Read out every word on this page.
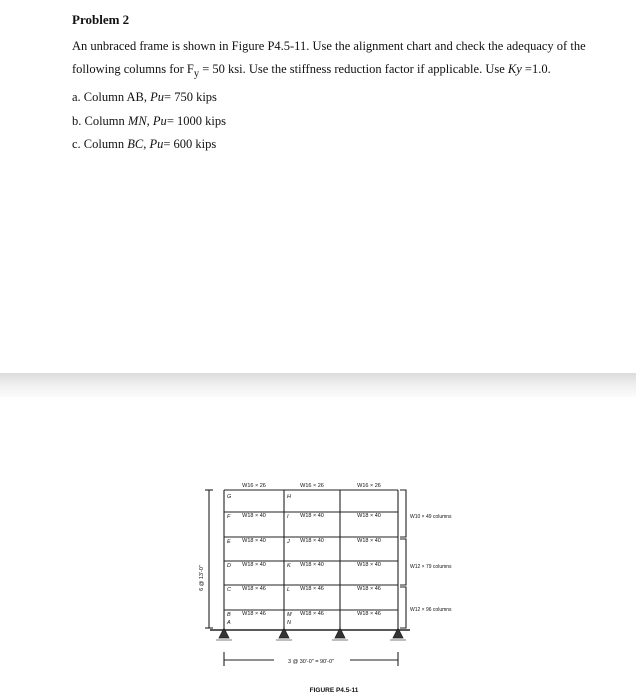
Problem 2

An unbraced frame is shown in Figure P4.5-11. Use the alignment chart and check the adequacy of the following columns for $F_y = 50$ ksi. Use the stiffness reduction factor if applicable. Use Ky =1.0.

a. Column AB, Pu= 750 kips

b. Column MN, Pu= 1000 kips

c. Column BC, Pu= 600 kips

W16 × 26	W16 × 26	W16 × 26
W18 × 40	W18 × 40	W18 × 40
W18 × 40	W18 × 40	W18 × 40
W18 × 40	W18 × 40	W18 × 40
W18 × 46	W18 × 46	W18 × 46
W18 × 46	W18 × 46	W18 × 46
G
F
E
D
C
B
A
H
I
J
K
L
M
N
W10 × 49 columns
W12 × 79 columns
W12 × 96 columns
6 @ 13'-0"
3 @ 30'-0" = 90'-0"
FIGURE P4.5-11
